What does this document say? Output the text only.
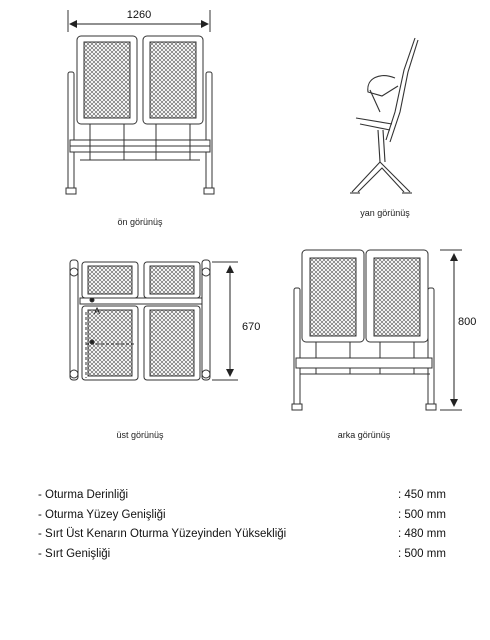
A
1260
670	800
ön görünüş
yan görünüş
üst görünüş	arka görünüş
- Oturma Derinliği	: 450 mm
- Oturma Yüzey Genişliği	: 500 mm
- Sırt Üst Kenarın Oturma Yüzeyinden Yüksekliği	: 480 mm
- Sırt Genişliği	: 500 mm
